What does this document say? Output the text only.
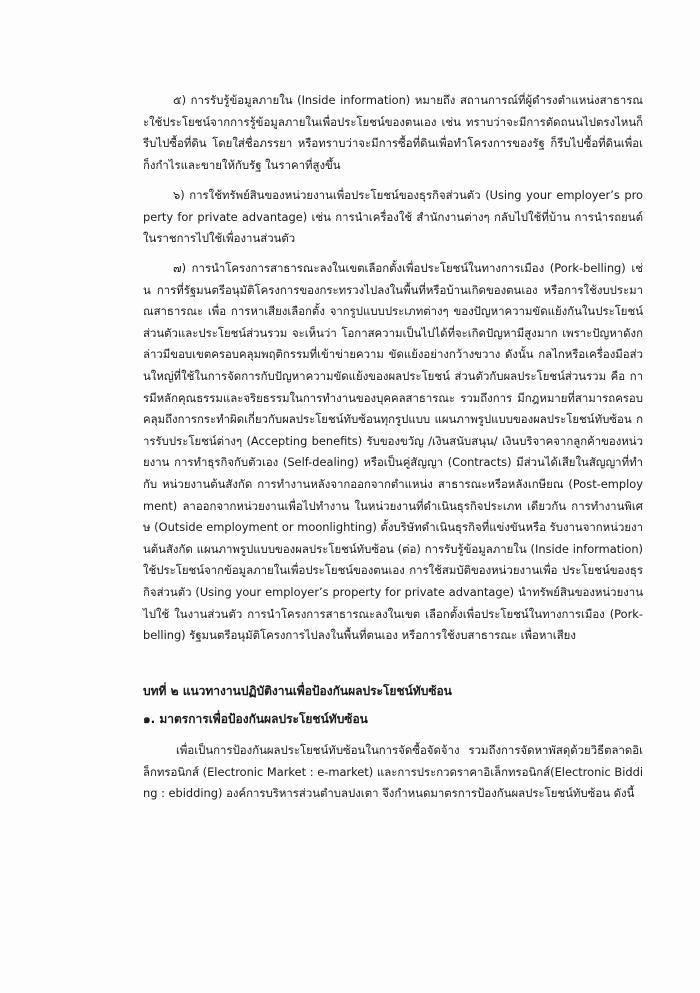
๕) การรับรู้ข้อมูลภายใน (Inside information) หมายถึง สถานการณ์ที่ผู้ดำรงตำแหน่งสาธารณะใช้ประโยชน์จากการรู้ข้อมูลภายในเพื่อประโยชน์ของตนเอง เช่น ทราบว่าจะมีการตัดถนนไปตรงไหนก็รีบไปซื้อที่ดิน โดยใส่ชื่อภรรยา หรือทราบว่าจะมีการซื้อที่ดินเพื่อทำโครงการของรัฐ ก็รีบไปซื้อที่ดินเพื่อเก็งกำไรและขายให้กับรัฐ ในราคาที่สูงขึ้น

๖) การใช้ทรัพย์สินของหน่วยงานเพื่อประโยชน์ของธุรกิจส่วนตัว (Using your employer’s property for private advantage) เช่น การนำเครื่องใช้ สำนักงานต่างๆ กลับไปใช้ที่บ้าน การนำรถยนต์ในราชการไปใช้เพื่องานส่วนตัว

๗) การนำโครงการสาธารณะลงในเขตเลือกตั้งเพื่อประโยชน์ในทางการเมือง (Pork-belling) เช่น การที่รัฐมนตรีอนุมัติโครงการของกระทรวงไปลงในพื้นที่หรือบ้านเกิดของตนเอง หรือการใช้งบประมาณสาธารณะ เพื่อ การหาเสียงเลือกตั้ง จากรูปแบบประเภทต่างๆ ของปัญหาความขัดแย้งกันในประโยชน์ส่วนตัวและประโยชน์ส่วนรวม จะเห็นว่า โอกาสความเป็นไปได้ที่จะเกิดปัญหามีสูงมาก เพราะปัญหาดังกล่าวมีขอบเขตครอบคลุมพฤติกรรมที่เข้าข่ายความ ขัดแย้งอย่างกว้างขวาง ดังนั้น กลไกหรือเครื่องมือส่วนใหญ่ที่ใช้ในการจัดการกับปัญหาความขัดแย้งของผลประโยชน์ ส่วนตัวกับผลประโยชน์ส่วนรวม คือ การมีหลักคุณธรรมและจริยธรรมในการทำงานของบุคคลสาธารณะ รวมถึงการ มีกฎหมายที่สามารถครอบคลุมถึงการกระทำผิดเกี่ยวกับผลประโยชน์ทับซ้อนทุกรูปแบบ แผนภาพรูปแบบของผลประโยชน์ทับซ้อน การรับประโยชน์ต่างๆ (Accepting benefits) รับของขวัญ /เงินสนับสนุน/ เงินบริจาคจากลูกค้าของหน่วยงาน การทำธุรกิจกับตัวเอง (Self-dealing) หรือเป็นคู่สัญญา (Contracts) มีส่วนได้เสียในสัญญาที่ทำกับ หน่วยงานต้นสังกัด การทำงานหลังจากออกจากตำแหน่ง สาธารณะหรือหลังเกษียณ (Post-employment) ลาออกจากหน่วยงานเพื่อไปทำงาน ในหน่วยงานที่ดำเนินธุรกิจประเภท เดียวกัน การทำงานพิเศษ (Outside employment or moonlighting) ตั้งบริษัทดำเนินธุรกิจที่แข่งขันหรือ รับงานจากหน่วยงานต้นสังกัด แผนภาพรูปแบบของผลประโยชน์ทับซ้อน (ต่อ) การรับรู้ข้อมูลภายใน (Inside information) ใช้ประโยชน์จากข้อมูลภายในเพื่อประโยชน์ของตนเอง การใช้สมบัติของหน่วยงานเพื่อ ประโยชน์ของธุรกิจส่วนตัว (Using your employer’s property for private advantage) นำทรัพย์สินของหน่วยงานไปใช้ ในงานส่วนตัว การนำโครงการสาธารณะลงในเขต เลือกตั้งเพื่อประโยชน์ในทางการเมือง (Pork-belling) รัฐมนตรีอนุมัติโครงการไปลงในพื้นที่ตนเอง หรือการใช้งบสาธารณะ เพื่อหาเสียง

บทที่ ๒ แนวทางานปฏิบัติงานเพื่อป้องกันผลประโยชน์ทับซ้อน
๑. มาตรการเพื่อป้องกันผลประโยชน์ทับซ้อน

เพื่อเป็นการป้องกันผลประโยชน์ทับซ้อนในการจัดซื้อจัดจ้าง รวมถึงการจัดหาพัสดุด้วยวิธีตลาดอิเล็กทรอนิกส์ (Electronic Market : e-market) และการประกวดราคาอิเล็กทรอนิกส์(Electronic Bidding : ebidding) องค์การบริหารส่วนตำบลปงเตา จึงกำหนดมาตรการป้องกันผลประโยชน์ทับซ้อน ดังนี้
